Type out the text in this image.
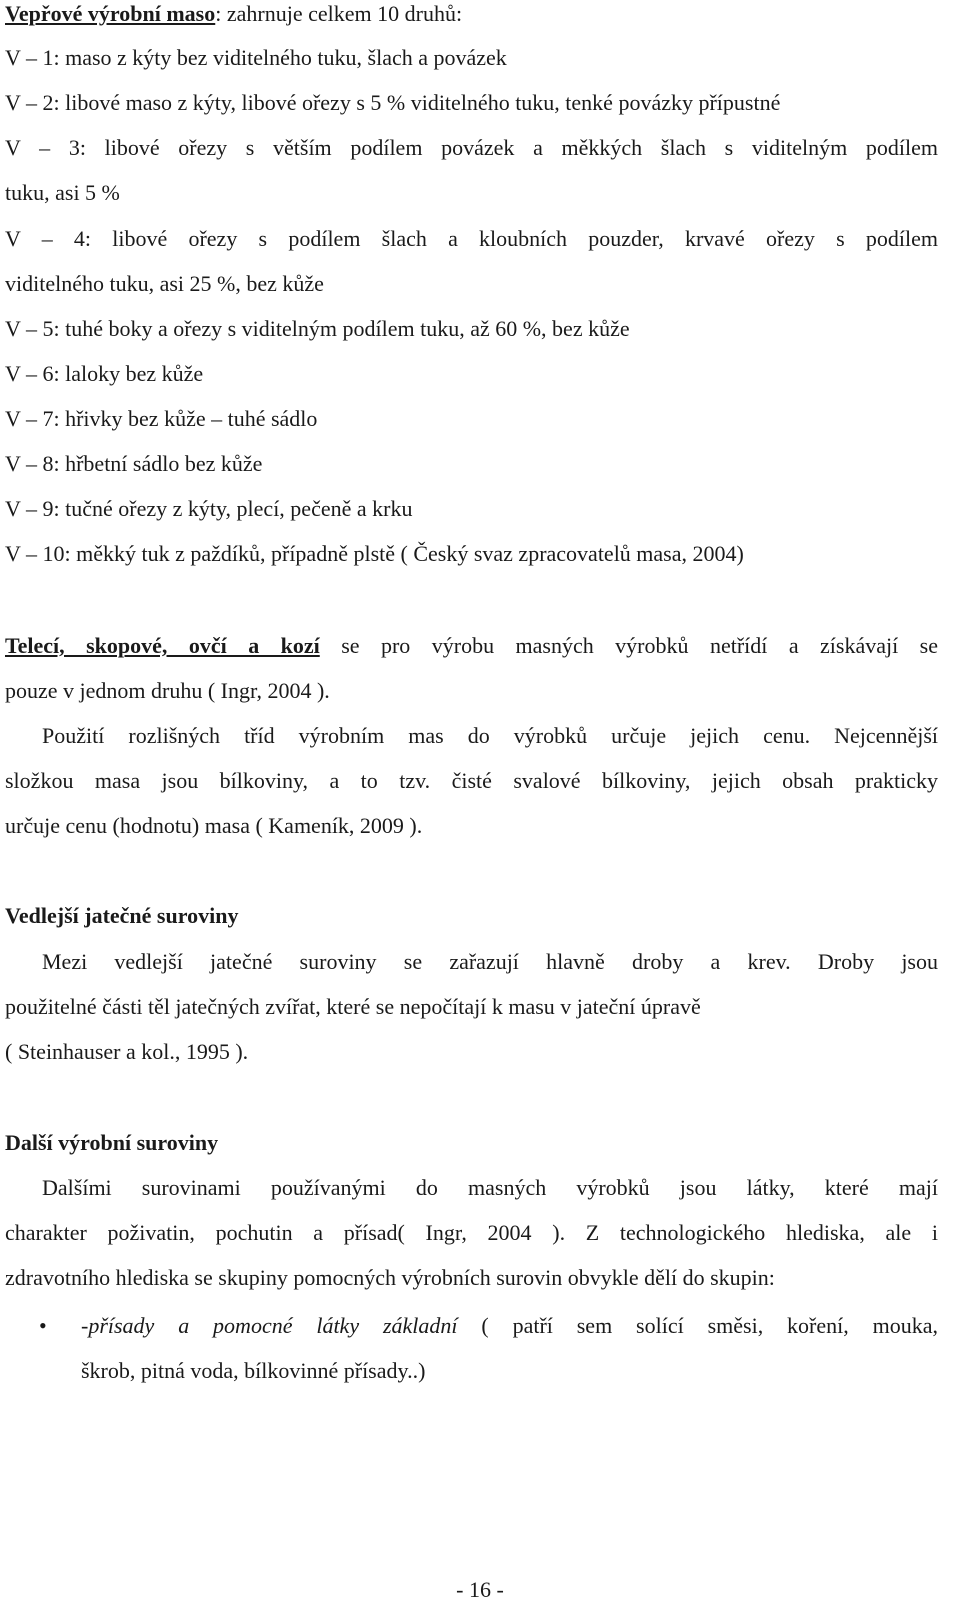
Vepřové výrobní maso: zahrnuje celkem 10 druhů:
V – 1: maso z kýty bez viditelného tuku, šlach a povázek
V – 2: libové maso z kýty, libové ořezy s 5 % viditelného tuku, tenké povázky přípustné
V – 3: libové ořezy s větším podílem povázek a měkkých šlach s viditelným podílem
tuku, asi 5 %
V – 4: libové ořezy s podílem šlach a kloubních pouzder, krvavé ořezy s podílem
viditelného tuku, asi 25 %, bez kůže
V – 5: tuhé boky a ořezy s viditelným podílem tuku, až 60 %, bez kůže
V – 6: laloky bez kůže
V – 7: hřivky bez kůže – tuhé sádlo
V – 8: hřbetní sádlo bez kůže
V – 9: tučné ořezy z kýty, plecí, pečeně a krku
V – 10: měkký tuk z paždíků, případně plstě ( Český svaz zpracovatelů masa, 2004)
Telecí, skopové, ovčí a kozí se pro výrobu masných výrobků netřídí a získávají se
pouze v jednom druhu ( Ingr, 2004 ).
Použití rozlišných tříd výrobním mas do výrobků určuje jejich cenu. Nejcennější
složkou masa jsou bílkoviny, a to tzv. čisté svalové bílkoviny, jejich obsah prakticky
určuje cenu (hodnotu) masa ( Kameník, 2009 ).
Vedlejší jatečné suroviny
Mezi vedlejší jatečné suroviny se zařazují hlavně droby a krev. Droby jsou
použitelné části těl jatečných zvířat, které se nepočítají k masu v jateční úpravě
( Steinhauser a kol., 1995 ).
Další výrobní suroviny
Dalšími surovinami používanými do masných výrobků jsou látky, které mají
charakter poživatin, pochutin a přísad( Ingr, 2004 ). Z technologického hlediska, ale i
zdravotního hlediska se skupiny pomocných výrobních surovin obvykle dělí do skupin:
• -přísady a pomocné látky základní ( patří sem solící směsi, koření, mouka,
škrob, pitná voda, bílkovinné přísady..)
- 16 -
